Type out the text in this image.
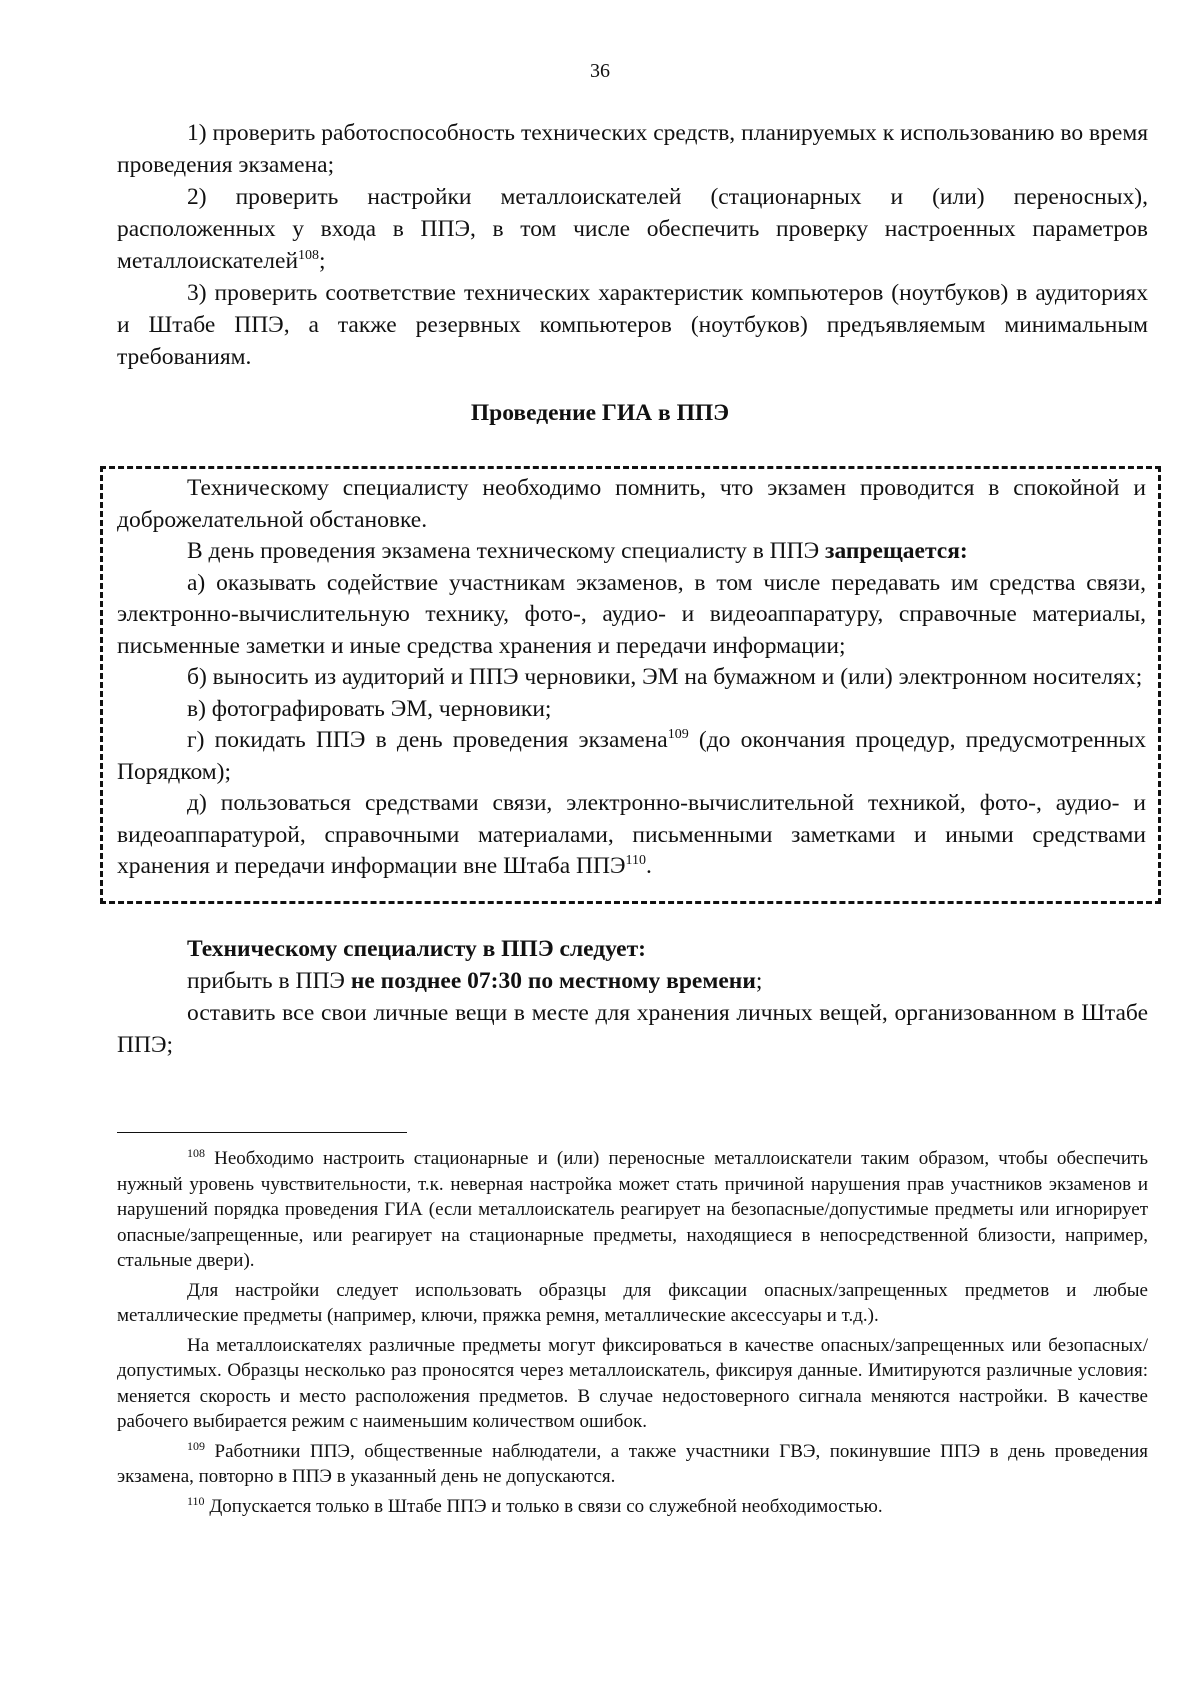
36

1) проверить работоспособность технических средств, планируемых к использованию во время проведения экзамена;

2) проверить настройки металлоискателей (стационарных и (или) переносных), расположенных у входа в ППЭ, в том числе обеспечить проверку настроенных параметров металлоискателей$^{108}$;

3) проверить соответствие технических характеристик компьютеров (ноутбуков) в аудиториях и Штабе ППЭ, а также резервных компьютеров (ноутбуков) предъявляемым минимальным требованиям.

Проведение ГИА в ППЭ

Техническому специалисту необходимо помнить, что экзамен проводится в спокойной и доброжелательной обстановке.

В день проведения экзамена техническому специалисту в ППЭ запрещается:

а) оказывать содействие участникам экзаменов, в том числе передавать им средства связи, электронно-вычислительную технику, фото-, аудио- и видеоаппаратуру, справочные материалы, письменные заметки и иные средства хранения и передачи информации;

б) выносить из аудиторий и ППЭ черновики, ЭМ на бумажном и (или) электронном носителях;

в) фотографировать ЭМ, черновики;

г) покидать ППЭ в день проведения экзамена$^{109}$ (до окончания процедур, предусмотренных Порядком);

д) пользоваться средствами связи, электронно-вычислительной техникой, фото-, аудио- и видеоаппаратурой, справочными материалами, письменными заметками и иными средствами хранения и передачи информации вне Штаба ППЭ$^{110}$.

Техническому специалисту в ППЭ следует:

прибыть в ППЭ не позднее 07:30 по местному времени;

оставить все свои личные вещи в месте для хранения личных вещей, организованном в Штабе ППЭ;

$^{108}$ Необходимо настроить стационарные и (или) переносные металлоискатели таким образом, чтобы обеспечить нужный уровень чувствительности, т.к. неверная настройка может стать причиной нарушения прав участников экзаменов и нарушений порядка проведения ГИА (если металлоискатель реагирует на безопасные/допустимые предметы или игнорирует опасные/запрещенные, или реагирует на стационарные предметы, находящиеся в непосредственной близости, например, стальные двери).

Для настройки следует использовать образцы для фиксации опасных/запрещенных предметов и любые металлические предметы (например, ключи, пряжка ремня, металлические аксессуары и т.д.).

На металлоискателях различные предметы могут фиксироваться в качестве опасных/запрещенных или безопасных/допустимых. Образцы несколько раз проносятся через металлоискатель, фиксируя данные. Имитируются различные условия: меняется скорость и место расположения предметов. В случае недостоверного сигнала меняются настройки. В качестве рабочего выбирается режим с наименьшим количеством ошибок.

$^{109}$ Работники ППЭ, общественные наблюдатели, а также участники ГВЭ, покинувшие ППЭ в день проведения экзамена, повторно в ППЭ в указанный день не допускаются.

$^{110}$ Допускается только в Штабе ППЭ и только в связи со служебной необходимостью.
